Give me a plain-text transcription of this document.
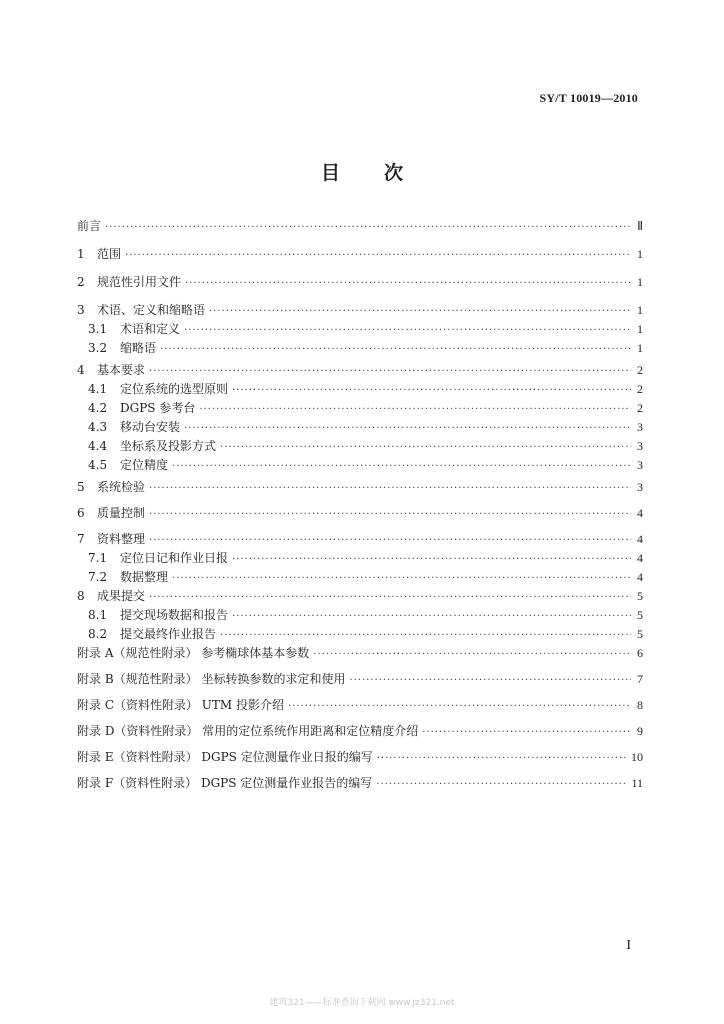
SY/T 10019—2010
目次
前言 ·····	Ⅱ
1	范围 ·····	1
2	规范性引用文件 ·····	1
3	术语、定义和缩略语 ·····	1
3.1	术语和定义 ·····	1
3.2	缩略语 ·····	1
4	基本要求 ·····	2
4.1	定位系统的选型原则 ·····	2
4.2	DGPS 参考台 ·····	2
4.3	移动台安装 ·····	3
4.4	坐标系及投影方式 ·····	3
4.5	定位精度 ·····	3
5	系统检验 ·····	3
6	质量控制 ·····	4
7	资料整理 ·····	4
7.1	定位日记和作业日报 ·····	4
7.2	数据整理 ·····	4
8	成果提交 ·····	5
8.1	提交现场数据和报告 ·····	5
8.2	提交最终作业报告 ·····	5
附录 A（规范性附录） 参考椭球体基本参数 ·····	6
附录 B（规范性附录） 坐标转换参数的求定和使用 ·····	7
附录 C（资料性附录） UTM 投影介绍 ·····	8
附录 D（资料性附录） 常用的定位系统作用距离和定位精度介绍 ·····	9
附录 E（资料性附录） DGPS 定位测量作业日报的编写 ·····	10
附录 F（资料性附录） DGPS 定位测量作业报告的编写 ·····	11
I
建筑321——标准查询下载网 www.jz321.net
